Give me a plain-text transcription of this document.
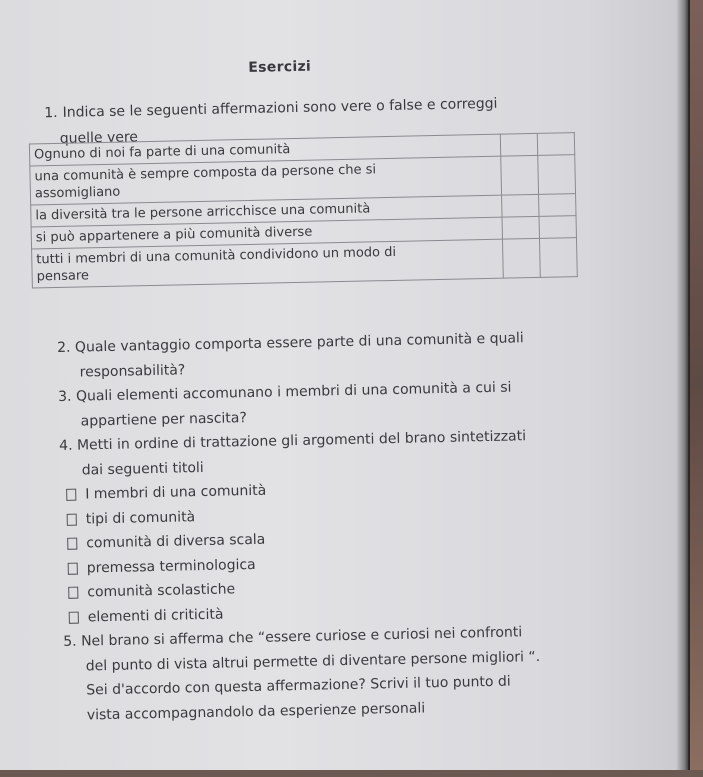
Esercizi
1. Indica se le seguenti affermazioni sono vere o false e correggi
quelle vere
Ognuno di noi fa parte di una comunità		

una comunità è sempre composta da persone che si
assomigliano		

la diversità tra le persone arricchisce una comunità		

si può appartenere a più comunità diverse		

tutti i membri di una comunità condividono un modo di
pensare		

2. Quale vantaggio comporta essere parte di una comunità e quali
responsabilità?
3. Quali elementi accomunano i membri di una comunità a cui si
appartiene per nascita?
4. Metti in ordine di trattazione gli argomenti del brano sintetizzati
dai seguenti titoli
I membri di una comunità
tipi di comunità
comunità di diversa scala
premessa terminologica
comunità scolastiche
elementi di criticità
5. Nel brano si afferma che “essere curiose e curiosi nei confronti
del punto di vista altrui permette di diventare persone migliori “.
Sei d'accordo con questa affermazione? Scrivi il tuo punto di
vista accompagnandolo da esperienze personali
